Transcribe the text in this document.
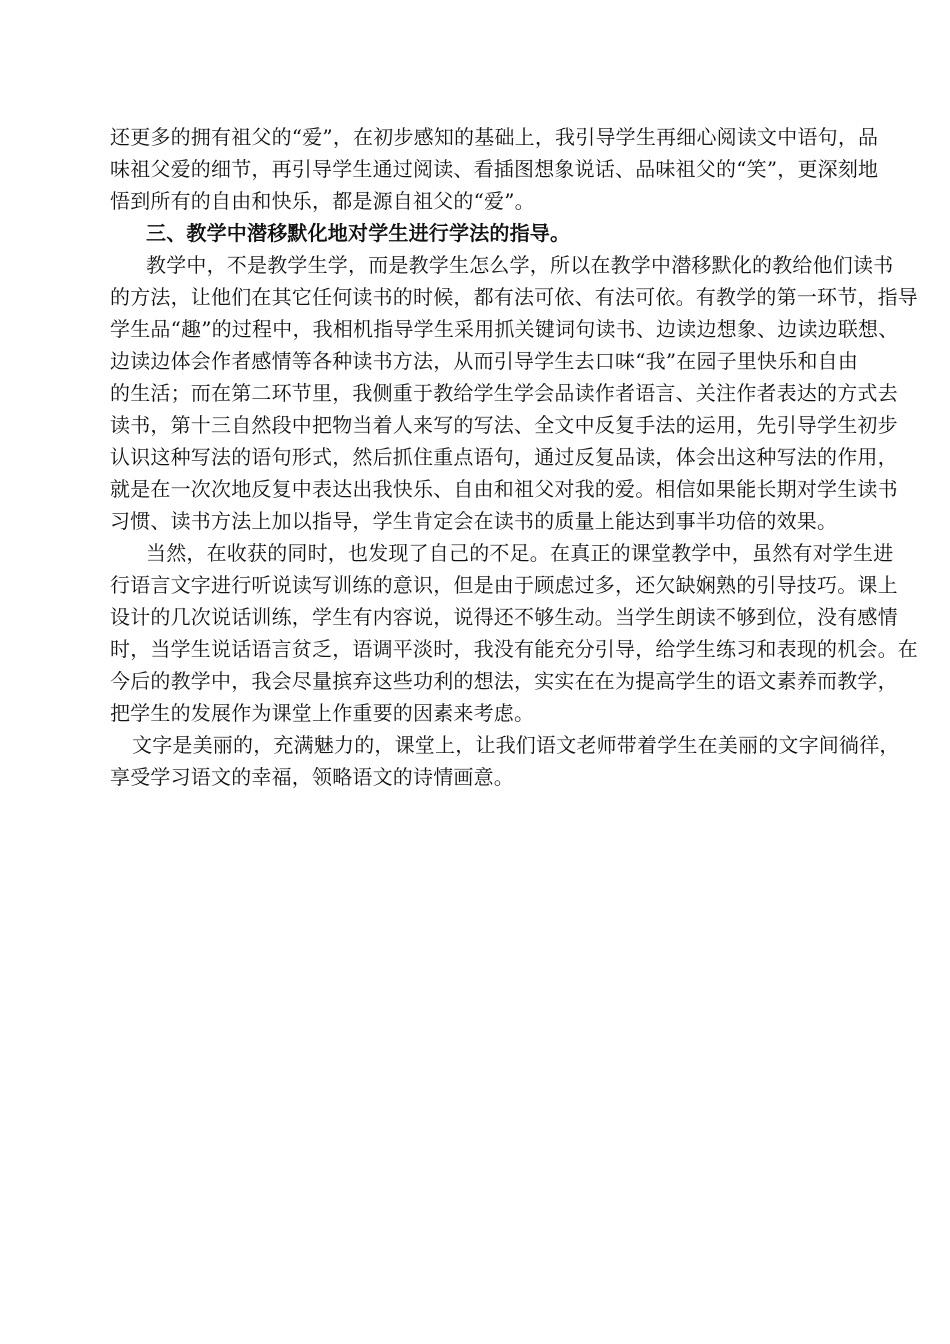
还更多的拥有祖父的“爱”，在初步感知的基础上，我引导学生再细心阅读文中语句，品
味祖父爱的细节，再引导学生通过阅读、看插图想象说话、品味祖父的“笑”，更深刻地
悟到所有的自由和快乐，都是源自祖父的“爱”。
三、教学中潜移默化地对学生进行学法的指导。
教学中，不是教学生学，而是教学生怎么学，所以在教学中潜移默化的教给他们读书
的方法，让他们在其它任何读书的时候，都有法可依、有法可依。有教学的第一环节，指导
学生品“趣”的过程中，我相机指导学生采用抓关键词句读书、边读边想象、边读边联想、
边读边体会作者感情等各种读书方法，从而引导学生去口味“我”在园子里快乐和自由
的生活；而在第二环节里，我侧重于教给学生学会品读作者语言、关注作者表达的方式去
读书，第十三自然段中把物当着人来写的写法、全文中反复手法的运用，先引导学生初步
认识这种写法的语句形式，然后抓住重点语句，通过反复品读，体会出这种写法的作用，
就是在一次次地反复中表达出我快乐、自由和祖父对我的爱。相信如果能长期对学生读书
习惯、读书方法上加以指导，学生肯定会在读书的质量上能达到事半功倍的效果。
当然，在收获的同时，也发现了自己的不足。在真正的课堂教学中，虽然有对学生进
行语言文字进行听说读写训练的意识，但是由于顾虑过多，还欠缺娴熟的引导技巧。课上
设计的几次说话训练，学生有内容说，说得还不够生动。当学生朗读不够到位，没有感情
时，当学生说话语言贫乏，语调平淡时，我没有能充分引导，给学生练习和表现的机会。在
今后的教学中，我会尽量摈弃这些功利的想法，实实在在为提高学生的语文素养而教学，
把学生的发展作为课堂上作重要的因素来考虑。
文字是美丽的，充满魅力的，课堂上，让我们语文老师带着学生在美丽的文字间徜徉，
享受学习语文的幸福，领略语文的诗情画意。
